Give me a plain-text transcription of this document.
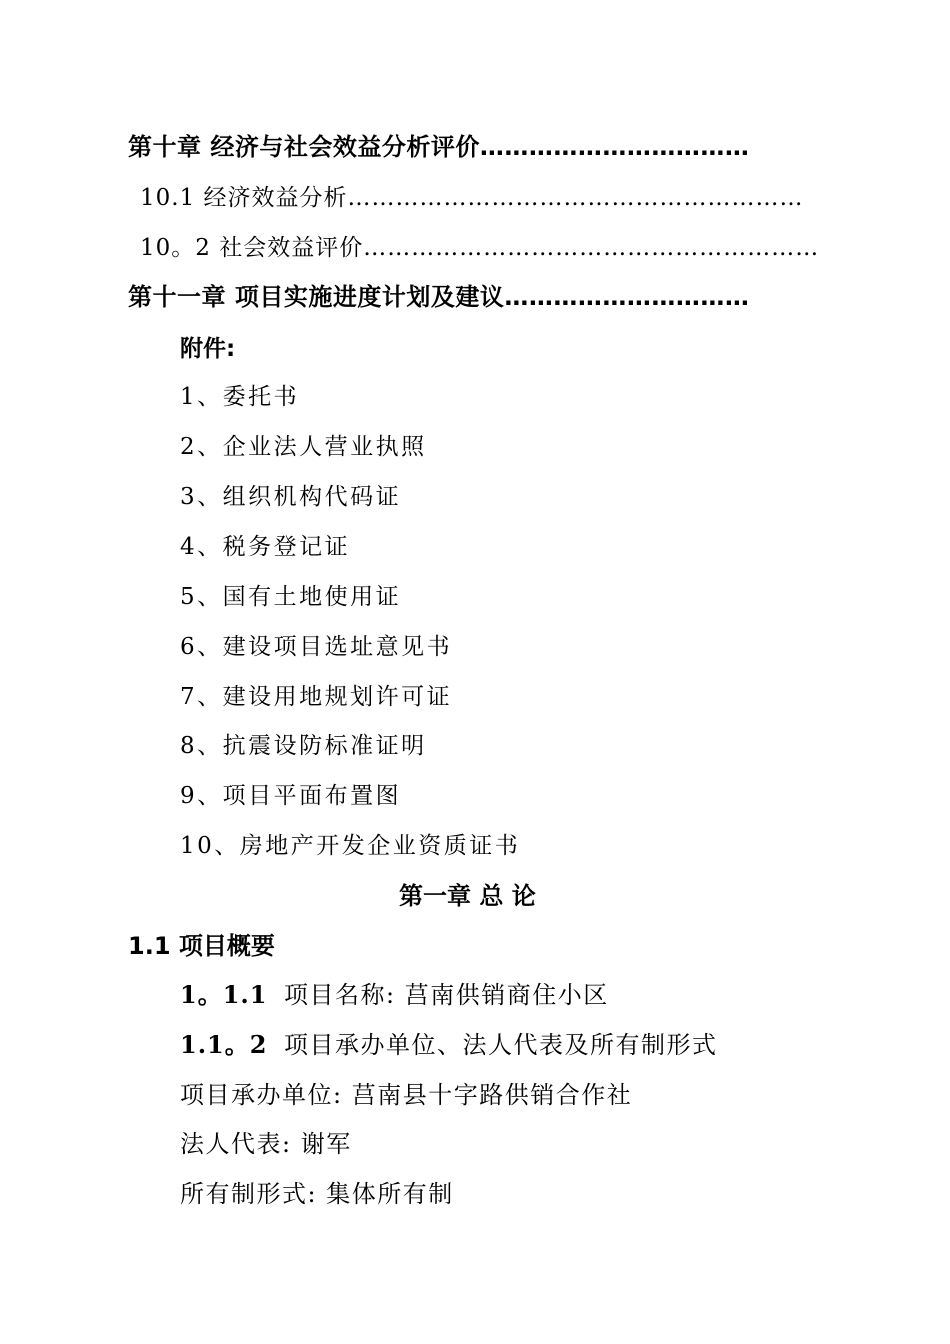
第十章 经济与社会效益分析评价……………………………
10.1 经济效益分析…………………………………………………
10。2 社会效益评价…………………………………………………
第十一章 项目实施进度计划及建议…………………………
附件:
1、委托书
2、企业法人营业执照
3、组织机构代码证
4、税务登记证
5、国有土地使用证
6、建设项目选址意见书
7、建设用地规划许可证
8、抗震设防标准证明
9、项目平面布置图
10、房地产开发企业资质证书
第一章 总 论
1.1 项目概要
1。1.1 项目名称: 莒南供销商住小区
1.1。2 项目承办单位、法人代表及所有制形式
项目承办单位: 莒南县十字路供销合作社
法人代表: 谢军
所有制形式: 集体所有制
